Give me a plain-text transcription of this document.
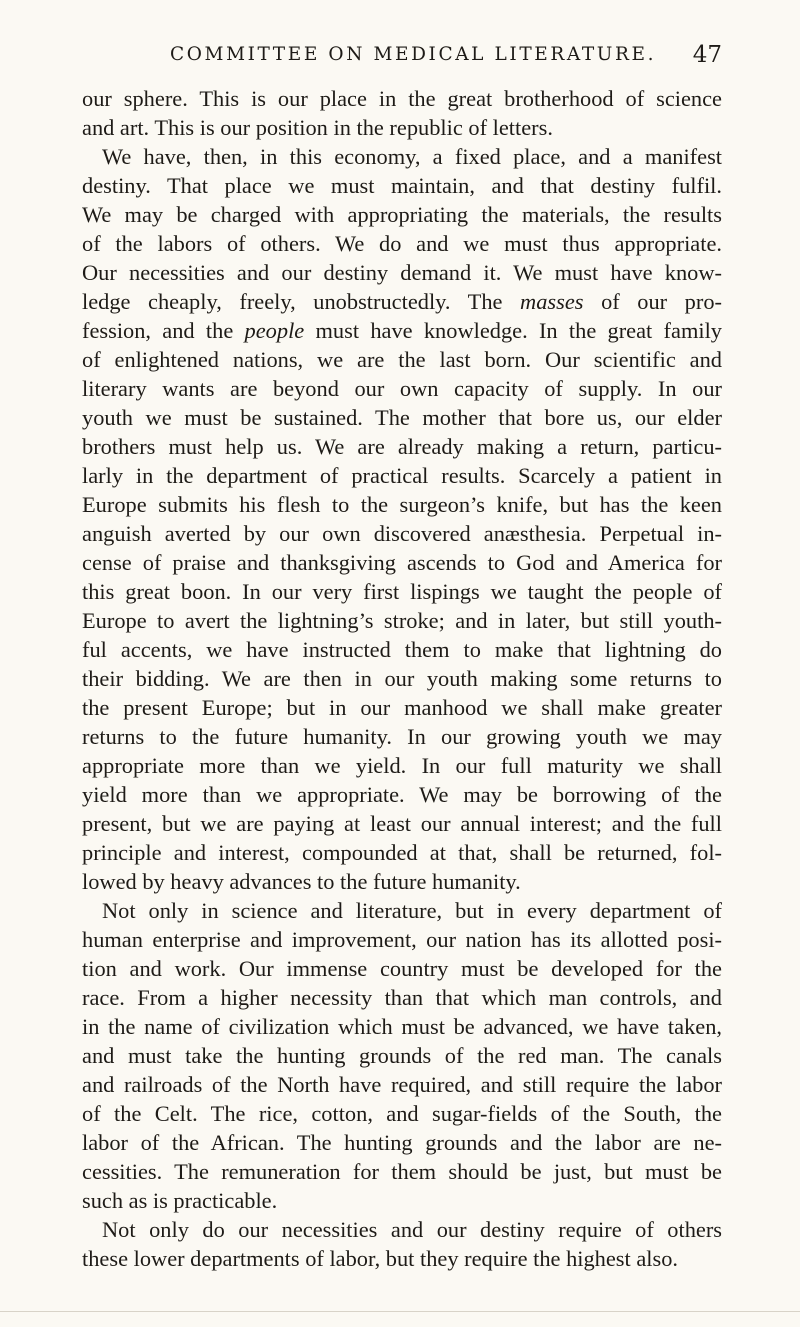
COMMITTEE ON MEDICAL LITERATURE. 47
our sphere. This is our place in the great brotherhood of science
and art. This is our position in the republic of letters.
We have, then, in this economy, a fixed place, and a manifest
destiny. That place we must maintain, and that destiny fulfil.
We may be charged with appropriating the materials, the results
of the labors of others. We do and we must thus appropriate.
Our necessities and our destiny demand it. We must have know-
ledge cheaply, freely, unobstructedly. The masses of our pro-
fession, and the people must have knowledge. In the great family
of enlightened nations, we are the last born. Our scientific and
literary wants are beyond our own capacity of supply. In our
youth we must be sustained. The mother that bore us, our elder
brothers must help us. We are already making a return, particu-
larly in the department of practical results. Scarcely a patient in
Europe submits his flesh to the surgeon’s knife, but has the keen
anguish averted by our own discovered anæsthesia. Perpetual in-
cense of praise and thanksgiving ascends to God and America for
this great boon. In our very first lispings we taught the people of
Europe to avert the lightning’s stroke; and in later, but still youth-
ful accents, we have instructed them to make that lightning do
their bidding. We are then in our youth making some returns to
the present Europe; but in our manhood we shall make greater
returns to the future humanity. In our growing youth we may
appropriate more than we yield. In our full maturity we shall
yield more than we appropriate. We may be borrowing of the
present, but we are paying at least our annual interest; and the full
principle and interest, compounded at that, shall be returned, fol-
lowed by heavy advances to the future humanity.
Not only in science and literature, but in every department of
human enterprise and improvement, our nation has its allotted posi-
tion and work. Our immense country must be developed for the
race. From a higher necessity than that which man controls, and
in the name of civilization which must be advanced, we have taken,
and must take the hunting grounds of the red man. The canals
and railroads of the North have required, and still require the labor
of the Celt. The rice, cotton, and sugar-fields of the South, the
labor of the African. The hunting grounds and the labor are ne-
cessities. The remuneration for them should be just, but must be
such as is practicable.
Not only do our necessities and our destiny require of others
these lower departments of labor, but they require the highest also.
